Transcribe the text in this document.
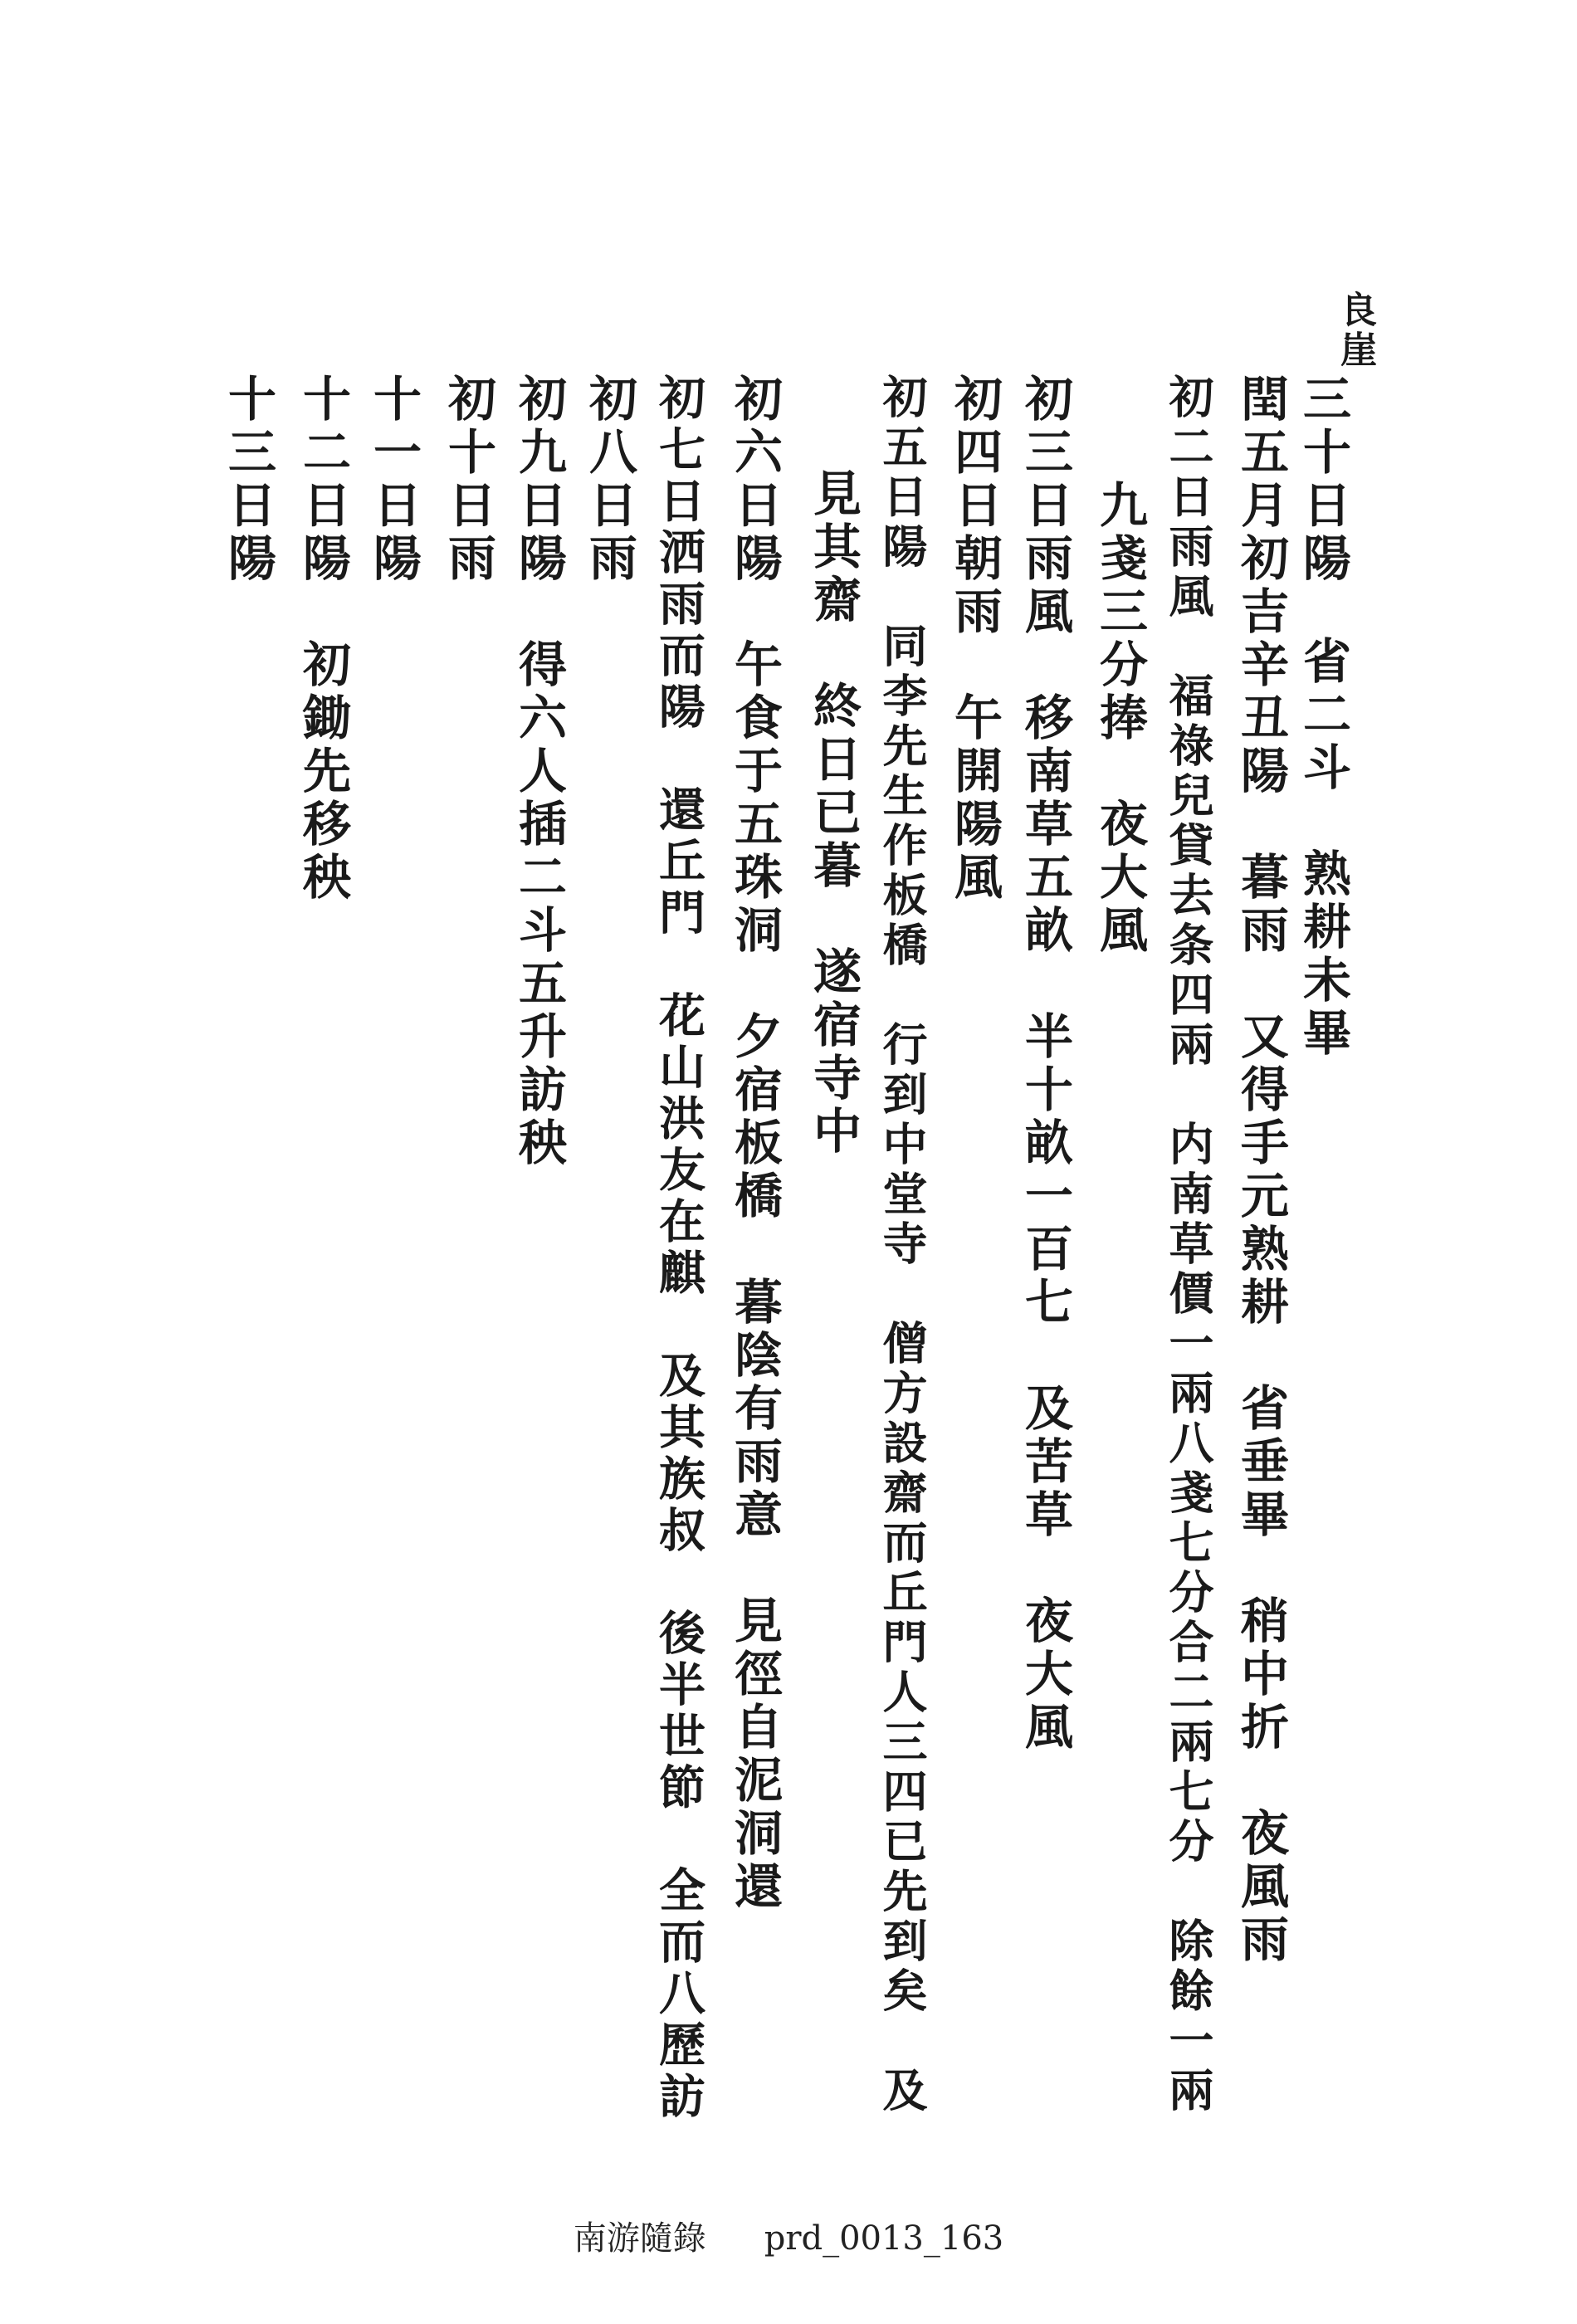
良崖
三十日陽省二斗　熟耕未畢
閏五月初吉辛丑陽　暮雨　又得手元熟耕　省垂畢　稍中折　夜風雨
初二日雨風　福祿兒貸去条四兩　内南草價一兩八戔七分合二兩七分　除餘一兩
　　九戔三分捧　夜大風
初三日雨風　移南草五畝　半十畝一百七　及苦草　夜大風
初四日朝雨　午開陽風
初五日陽　同李先生作板橋　行到中堂寺　僧方設齋而丘門人三四已先到矣　及
　見其齋　終日已暮　遂宿寺中
初六日陽　午食于五珠洞　夕宿板橋　暮陰有雨意　見徑自泥洞還
初七日洒雨而陽　還丘門　花山洪友在麒　及其族叔　後半世節　全而八歷訪
初八日雨
初九日陽　得六人插二斗五升訪秧
初十日雨
十一日陽
十二日陽　初鋤先移秧
十三日陽
南游隨錄 prd_0013_163
